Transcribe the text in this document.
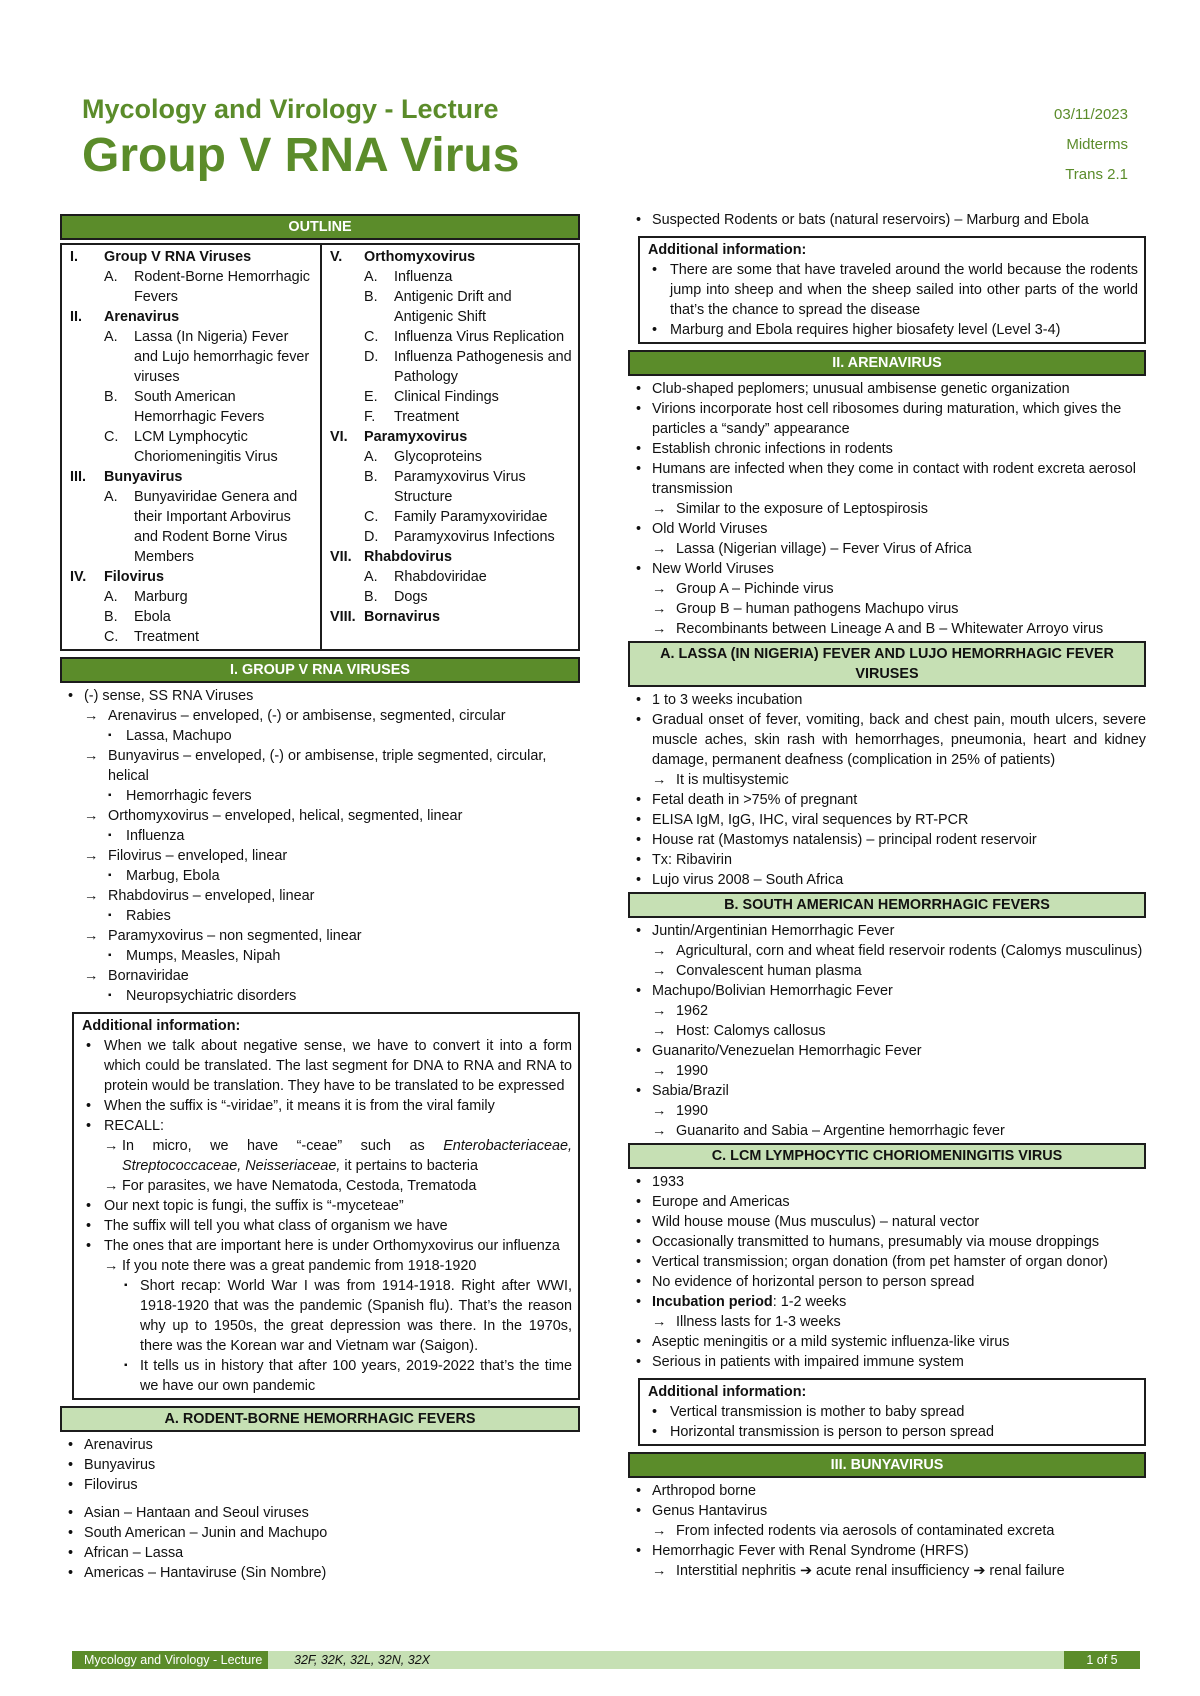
Mycology and Virology - Lecture
Group V RNA Virus
03/11/2023
Midterms
Trans 2.1
OUTLINE
I.	Group V RNA Viruses
A.	Rodent-Borne Hemorrhagic Fevers
II.	Arenavirus
A.	Lassa (In Nigeria) Fever and Lujo hemorrhagic fever viruses
B.	South American Hemorrhagic Fevers
C.	LCM Lymphocytic Choriomeningitis Virus
III.	Bunyavirus
A.	Bunyaviridae Genera and their Important Arbovirus and Rodent Borne Virus Members
IV.	Filovirus
A.	Marburg
B.	Ebola
C.	Treatment
V.	Orthomyxovirus
A.	Influenza
B.	Antigenic Drift and Antigenic Shift
C.	Influenza Virus Replication
D.	Influenza Pathogenesis and Pathology
E.	Clinical Findings
F.	Treatment
VI.	Paramyxovirus
A.	Glycoproteins
B.	Paramyxovirus Virus Structure
C.	Family Paramyxoviridae
D.	Paramyxovirus Infections
VII. Rhabdovirus
A.	Rhabdoviridae
B.	Dogs
VIII. Bornavirus
I. GROUP V RNA VIRUSES
• (-) sense, SS RNA Viruses
→ Arenavirus – enveloped, (-) or ambisense, segmented, circular
▪ Lassa, Machupo
→ Bunyavirus – enveloped, (-) or ambisense, triple segmented, circular, helical
▪ Hemorrhagic fevers
→ Orthomyxovirus – enveloped, helical, segmented, linear
▪ Influenza
→ Filovirus – enveloped, linear
▪ Marbug, Ebola
→ Rhabdovirus – enveloped, linear
▪ Rabies
→ Paramyxovirus – non segmented, linear
▪ Mumps, Measles, Nipah
→ Bornaviridae
▪ Neuropsychiatric disorders
Additional information:
• When we talk about negative sense, we have to convert it into a form which could be translated. The last segment for DNA to RNA and RNA to protein would be translation. They have to be translated to be expressed
• When the suffix is “-viridae”, it means it is from the viral family
• RECALL:
→ In micro, we have “-ceae” such as Enterobacteriaceae, Streptococcaceae, Neisseriaceae, it pertains to bacteria
→ For parasites, we have Nematoda, Cestoda, Trematoda
• Our next topic is fungi, the suffix is “-myceteae”
• The suffix will tell you what class of organism we have
• The ones that are important here is under Orthomyxovirus our influenza
→ If you note there was a great pandemic from 1918-1920
▪ Short recap: World War I was from 1914-1918. Right after WWI, 1918-1920 that was the pandemic (Spanish flu). That’s the reason why up to 1950s, the great depression was there. In the 1970s, there was the Korean war and Vietnam war (Saigon).
▪ It tells us in history that after 100 years, 2019-2022 that’s the time we have our own pandemic
A. RODENT-BORNE HEMORRHAGIC FEVERS
• Arenavirus
• Bunyavirus
• Filovirus
• Asian – Hantaan and Seoul viruses
• South American – Junin and Machupo
• African – Lassa
• Americas – Hantaviruse (Sin Nombre)
• Suspected Rodents or bats (natural reservoirs) – Marburg and Ebola
Additional information:
• There are some that have traveled around the world because the rodents jump into sheep and when the sheep sailed into other parts of the world that’s the chance to spread the disease
• Marburg and Ebola requires higher biosafety level (Level 3-4)
II. ARENAVIRUS
• Club-shaped peplomers; unusual ambisense genetic organization
• Virions incorporate host cell ribosomes during maturation, which gives the particles a “sandy” appearance
• Establish chronic infections in rodents
• Humans are infected when they come in contact with rodent excreta aerosol transmission
→ Similar to the exposure of Leptospirosis
• Old World Viruses
→ Lassa (Nigerian village) – Fever Virus of Africa
• New World Viruses
→ Group A – Pichinde virus
→ Group B – human pathogens Machupo virus
→ Recombinants between Lineage A and B – Whitewater Arroyo virus
A. LASSA (IN NIGERIA) FEVER AND LUJO HEMORRHAGIC FEVER VIRUSES
• 1 to 3 weeks incubation
• Gradual onset of fever, vomiting, back and chest pain, mouth ulcers, severe muscle aches, skin rash with hemorrhages, pneumonia, heart and kidney damage, permanent deafness (complication in 25% of patients)
→ It is multisystemic
• Fetal death in >75% of pregnant
• ELISA IgM, IgG, IHC, viral sequences by RT-PCR
• House rat (Mastomys natalensis) – principal rodent reservoir
• Tx: Ribavirin
• Lujo virus 2008 – South Africa
B. SOUTH AMERICAN HEMORRHAGIC FEVERS
• Juntin/Argentinian Hemorrhagic Fever
→ Agricultural, corn and wheat field reservoir rodents (Calomys musculinus)
→ Convalescent human plasma
• Machupo/Bolivian Hemorrhagic Fever
→ 1962
→ Host: Calomys callosus
• Guanarito/Venezuelan Hemorrhagic Fever
→ 1990
• Sabia/Brazil
→ 1990
→ Guanarito and Sabia – Argentine hemorrhagic fever
C. LCM LYMPHOCYTIC CHORIOMENINGITIS VIRUS
• 1933
• Europe and Americas
• Wild house mouse (Mus musculus) – natural vector
• Occasionally transmitted to humans, presumably via mouse droppings
• Vertical transmission; organ donation (from pet hamster of organ donor)
• No evidence of horizontal person to person spread
• Incubation period: 1-2 weeks
→ Illness lasts for 1-3 weeks
• Aseptic meningitis or a mild systemic influenza-like virus
• Serious in patients with impaired immune system
Additional information:
• Vertical transmission is mother to baby spread
• Horizontal transmission is person to person spread
III. BUNYAVIRUS
• Arthropod borne
• Genus Hantavirus
→ From infected rodents via aerosols of contaminated excreta
• Hemorrhagic Fever with Renal Syndrome (HRFS)
→ Interstitial nephritis ➔ acute renal insufficiency ➔ renal failure
Mycology and Virology - Lecture	32F, 32K, 32L, 32N, 32X	1 of 5
